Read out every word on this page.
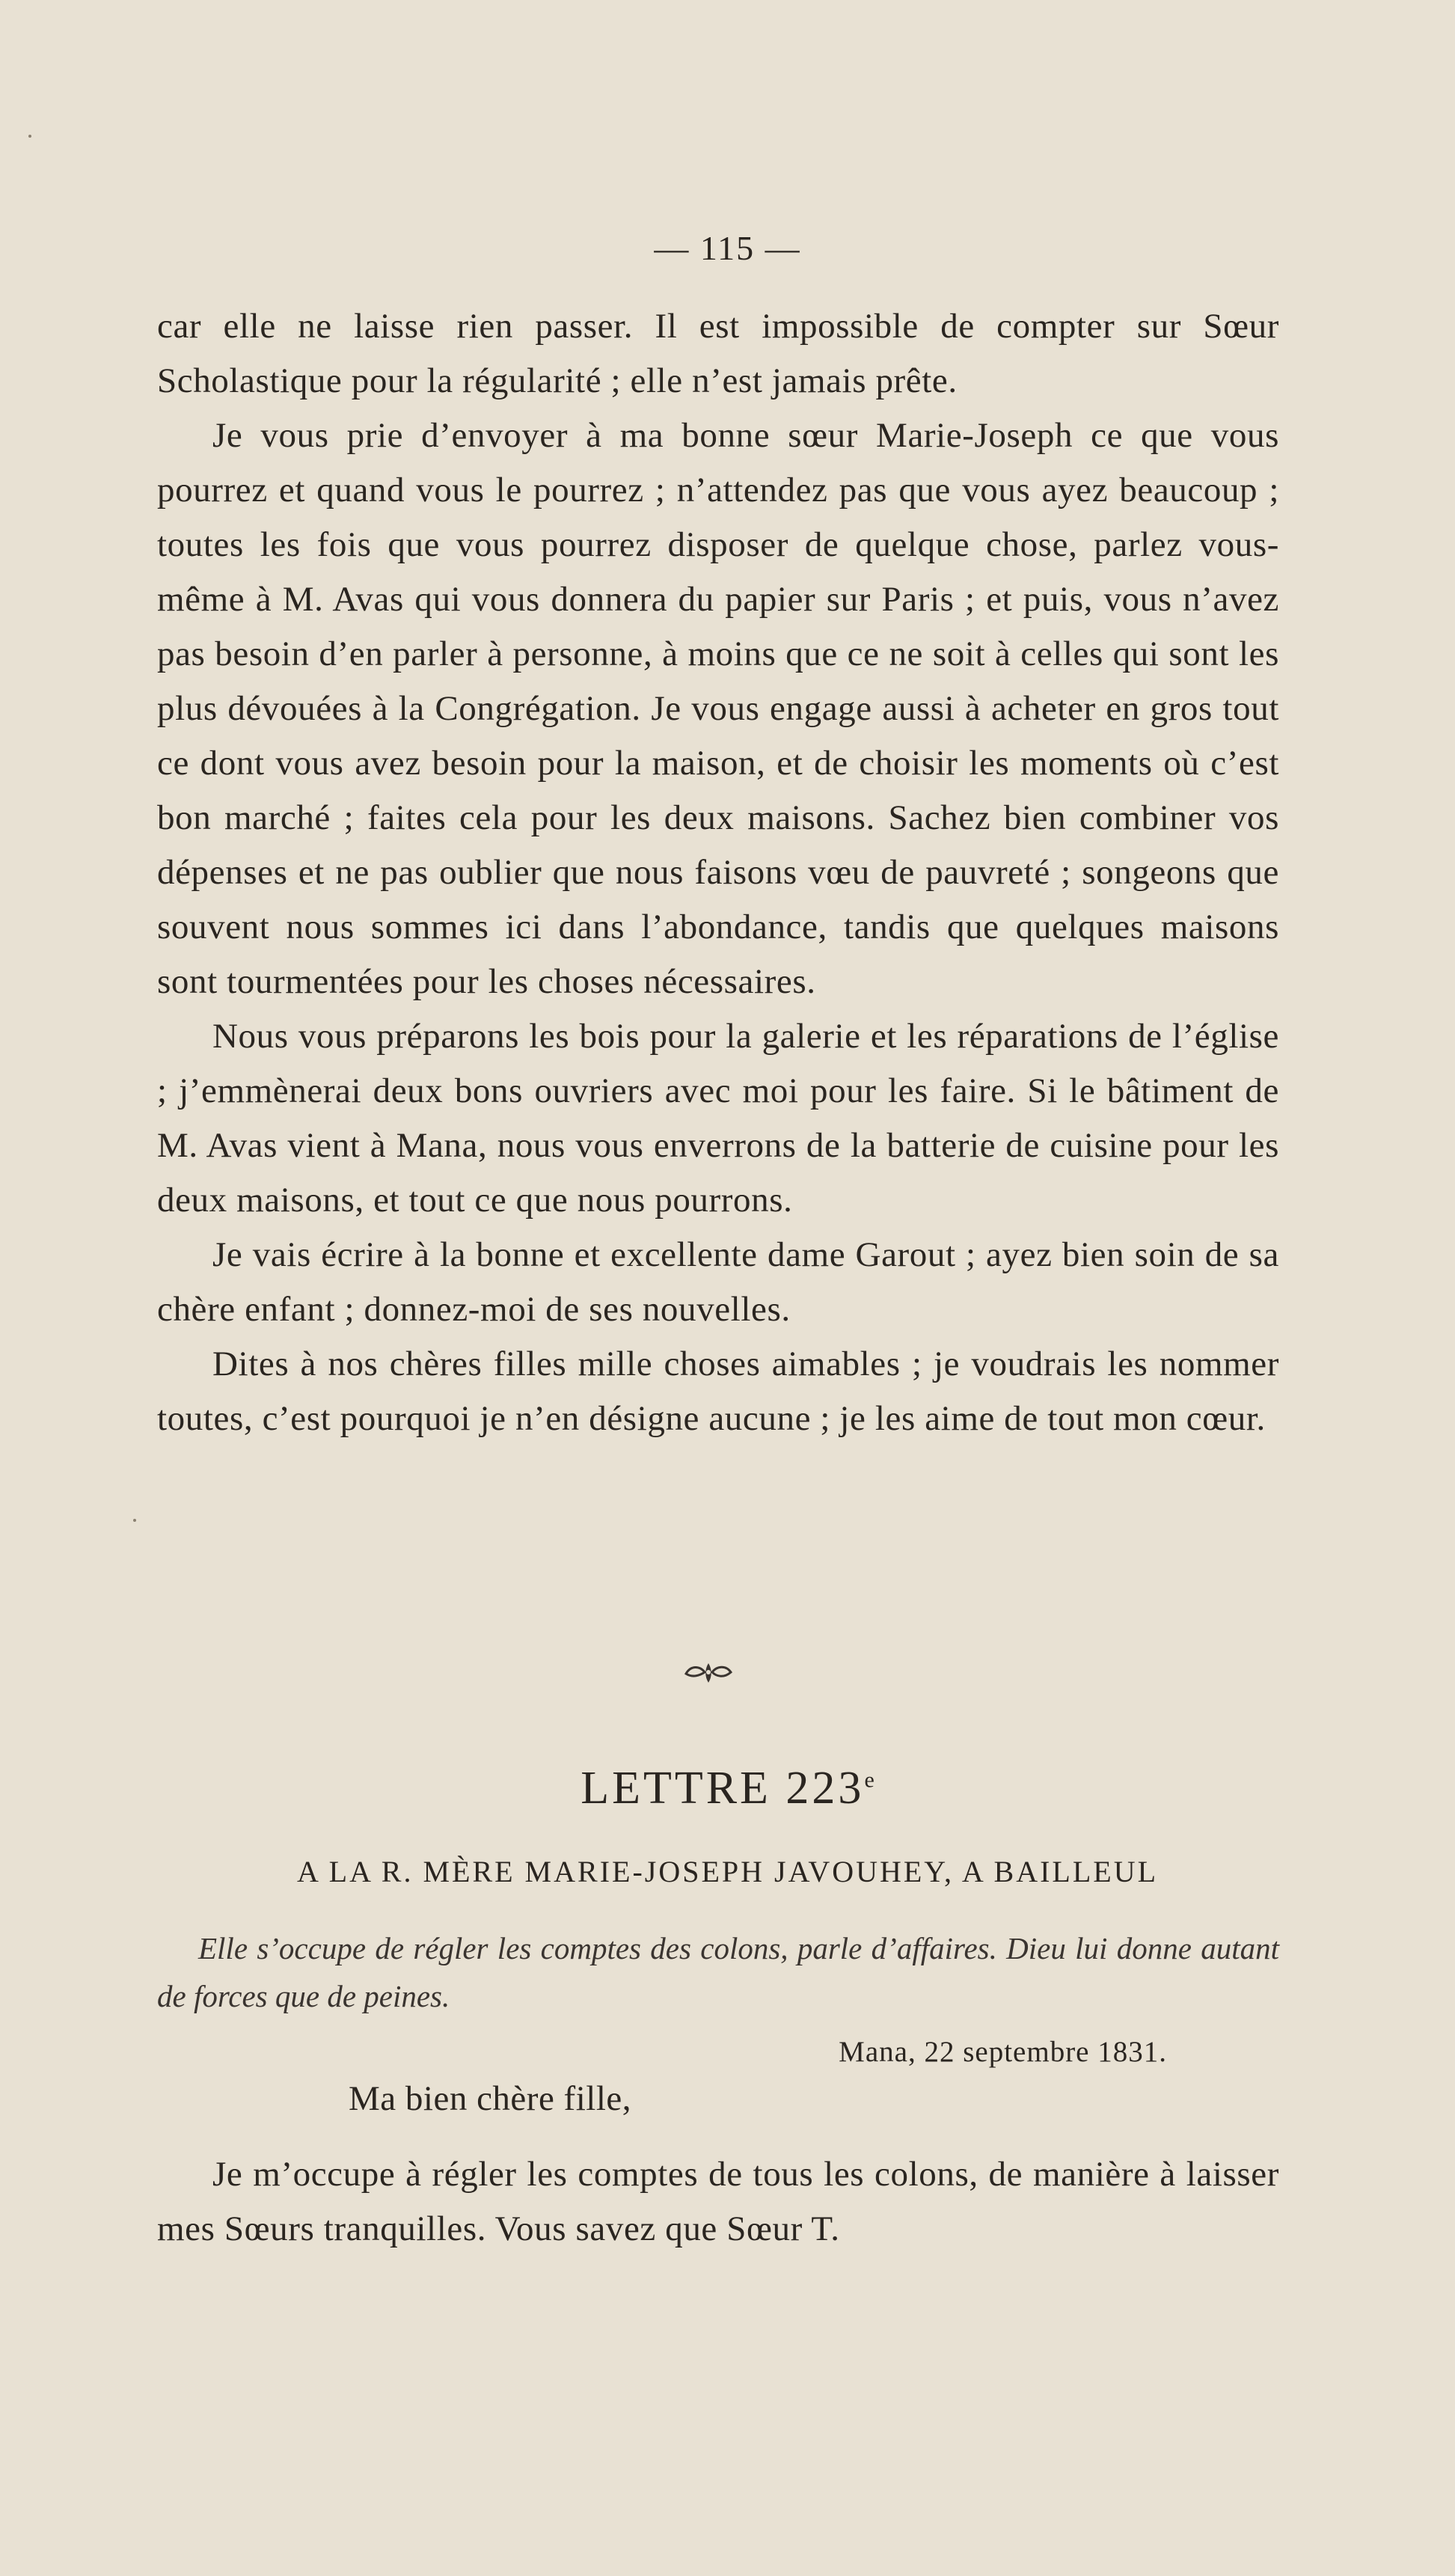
— 115 —

car elle ne laisse rien passer. Il est impossible de compter sur Sœur Scholastique pour la régularité ; elle n’est jamais prête.

Je vous prie d’envoyer à ma bonne sœur Marie-Joseph ce que vous pourrez et quand vous le pourrez ; n’attendez pas que vous ayez beaucoup ; toutes les fois que vous pourrez disposer de quelque chose, parlez vous-même à M. Avas qui vous donnera du papier sur Paris ; et puis, vous n’avez pas besoin d’en parler à personne, à moins que ce ne soit à celles qui sont les plus dévouées à la Congrégation. Je vous engage aussi à acheter en gros tout ce dont vous avez besoin pour la maison, et de choisir les moments où c’est bon marché ; faites cela pour les deux maisons. Sachez bien combiner vos dépenses et ne pas oublier que nous faisons vœu de pauvreté ; songeons que souvent nous sommes ici dans l’abondance, tandis que quelques maisons sont tourmentées pour les choses nécessaires.

Nous vous préparons les bois pour la galerie et les réparations de l’église ; j’emmènerai deux bons ouvriers avec moi pour les faire. Si le bâtiment de M. Avas vient à Mana, nous vous enverrons de la batterie de cuisine pour les deux maisons, et tout ce que nous pourrons.

Je vais écrire à la bonne et excellente dame Garout ; ayez bien soin de sa chère enfant ; donnez-moi de ses nouvelles.

Dites à nos chères filles mille choses aimables ; je voudrais les nommer toutes, c’est pourquoi je n’en désigne aucune ; je les aime de tout mon cœur.

LETTRE 223e
A LA R. MÈRE MARIE-JOSEPH JAVOUHEY, A BAILLEUL
Elle s’occupe de régler les comptes des colons, parle d’affaires. Dieu lui donne autant de forces que de peines.
Mana, 22 septembre 1831.
Ma bien chère fille,

Je m’occupe à régler les comptes de tous les colons, de manière à laisser mes Sœurs tranquilles. Vous savez que Sœur T.
